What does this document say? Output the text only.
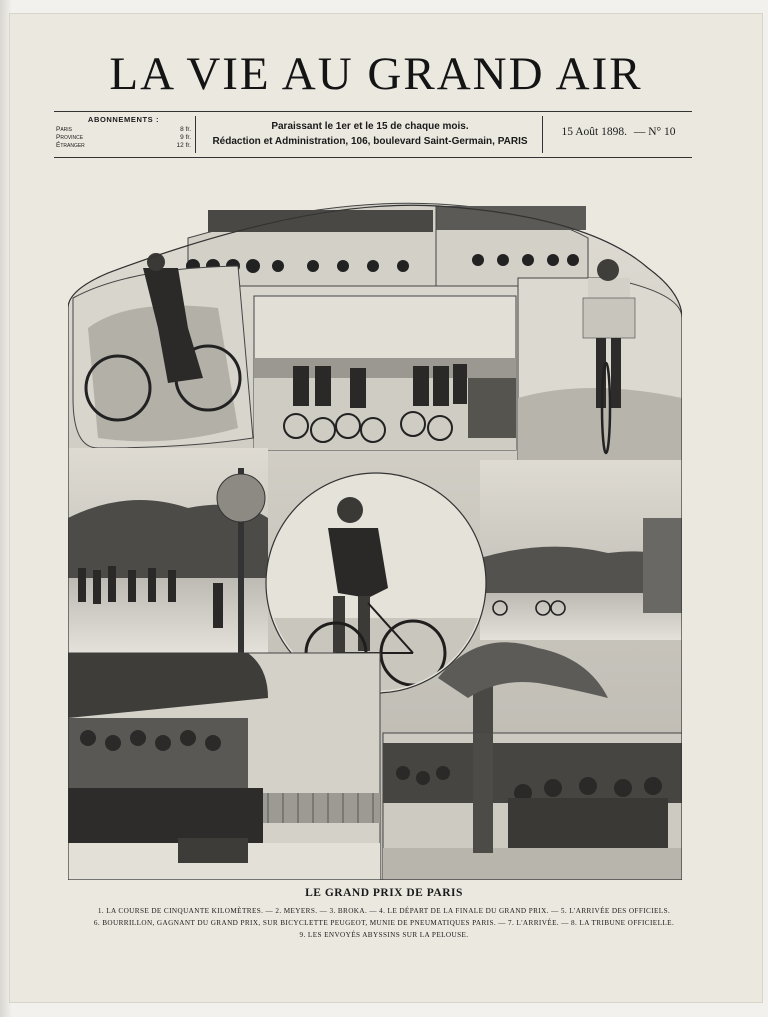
LA VIE AU GRAND AIR
ABONNEMENTS :
Paris	8 fr.
Province	9 fr.
Étranger	12 fr.
Paraissant le 1er et le 15 de chaque mois.
Rédaction et Administration, 106, boulevard Saint-Germain, PARIS
15 Août 1898. — N° 10
LE GRAND PRIX DE PARIS
1. LA COURSE DE CINQUANTE KILOMÈTRES. — 2. MEYERS. — 3. BROKA. — 4. LE DÉPART DE LA FINALE DU GRAND PRIX. — 5. L'ARRIVÉE DES OFFICIELS.
6. BOURRILLON, GAGNANT DU GRAND PRIX, SUR BICYCLETTE PEUGEOT, MUNIE DE PNEUMATIQUES PARIS. — 7. L'ARRIVÉE. — 8. LA TRIBUNE OFFICIELLE.
9. LES ENVOYÉS ABYSSINS SUR LA PELOUSE.
